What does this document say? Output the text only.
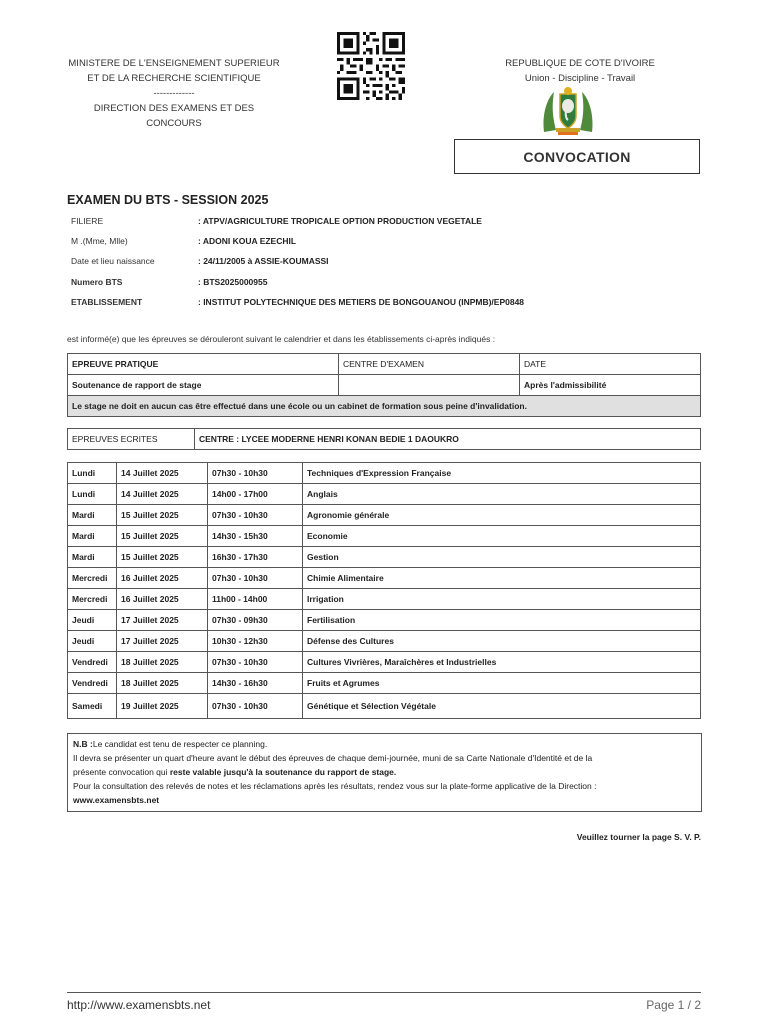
MINISTERE DE L'ENSEIGNEMENT SUPERIEUR
ET DE LA RECHERCHE SCIENTIFIQUE
-------------
DIRECTION DES EXAMENS ET DES
CONCOURS
REPUBLIQUE DE COTE D'IVOIRE
Union - Discipline - Travail
CONVOCATION
EXAMEN DU BTS - SESSION 2025
FILIERE	: ATPV/AGRICULTURE TROPICALE OPTION PRODUCTION VEGETALE
M .(Mme, Mlle)	: ADONI KOUA EZECHIL
Date et lieu naissance	: 24/11/2005 à ASSIE-KOUMASSI
Numero BTS	: BTS2025000955
ETABLISSEMENT	: INSTITUT POLYTECHNIQUE DES METIERS DE BONGOUANOU (INPMB)/EP0848
est informé(e) que les épreuves se dérouleront suivant le calendrier et dans les établissements ci-après indiqués :
EPREUVE PRATIQUE	CENTRE D'EXAMEN	DATE
Soutenance de rapport de stage		Après l'admissibilité
Le stage ne doit en aucun cas être effectué dans une école ou un cabinet de formation sous peine d'invalidation.		
EPREUVES ECRITES	CENTRE : LYCEE MODERNE HENRI KONAN BEDIE 1 DAOUKRO
Lundi	14 Juillet 2025	07h30 - 10h30	Techniques d'Expression Française
Lundi	14 Juillet 2025	14h00 - 17h00	Anglais
Mardi	15 Juillet 2025	07h30 - 10h30	Agronomie générale
Mardi	15 Juillet 2025	14h30 - 15h30	Economie
Mardi	15 Juillet 2025	16h30 - 17h30	Gestion
Mercredi	16 Juillet 2025	07h30 - 10h30	Chimie Alimentaire
Mercredi	16 Juillet 2025	11h00 - 14h00	Irrigation
Jeudi	17 Juillet 2025	07h30 - 09h30	Fertilisation
Jeudi	17 Juillet 2025	10h30 - 12h30	Défense des Cultures
Vendredi	18 Juillet 2025	07h30 - 10h30	Cultures Vivrières, Maraîchères et Industrielles
Vendredi	18 Juillet 2025	14h30 - 16h30	Fruits et Agrumes
Samedi	19 Juillet 2025	07h30 - 10h30	Génétique et Sélection Végétale
N.B :Le candidat est tenu de respecter ce planning.
Il devra se présenter un quart d'heure avant le début des épreuves de chaque demi-journée, muni de sa Carte Nationale d'Identité et de la
présente convocation qui reste valable jusqu'à la soutenance du rapport de stage.
Pour la consultation des relevés de notes et les réclamations après les résultats, rendez vous sur la plate-forme applicative de la Direction :
www.examensbts.net
Veuillez tourner la page S. V. P.
http://www.examensbts.net	Page 1 / 2
